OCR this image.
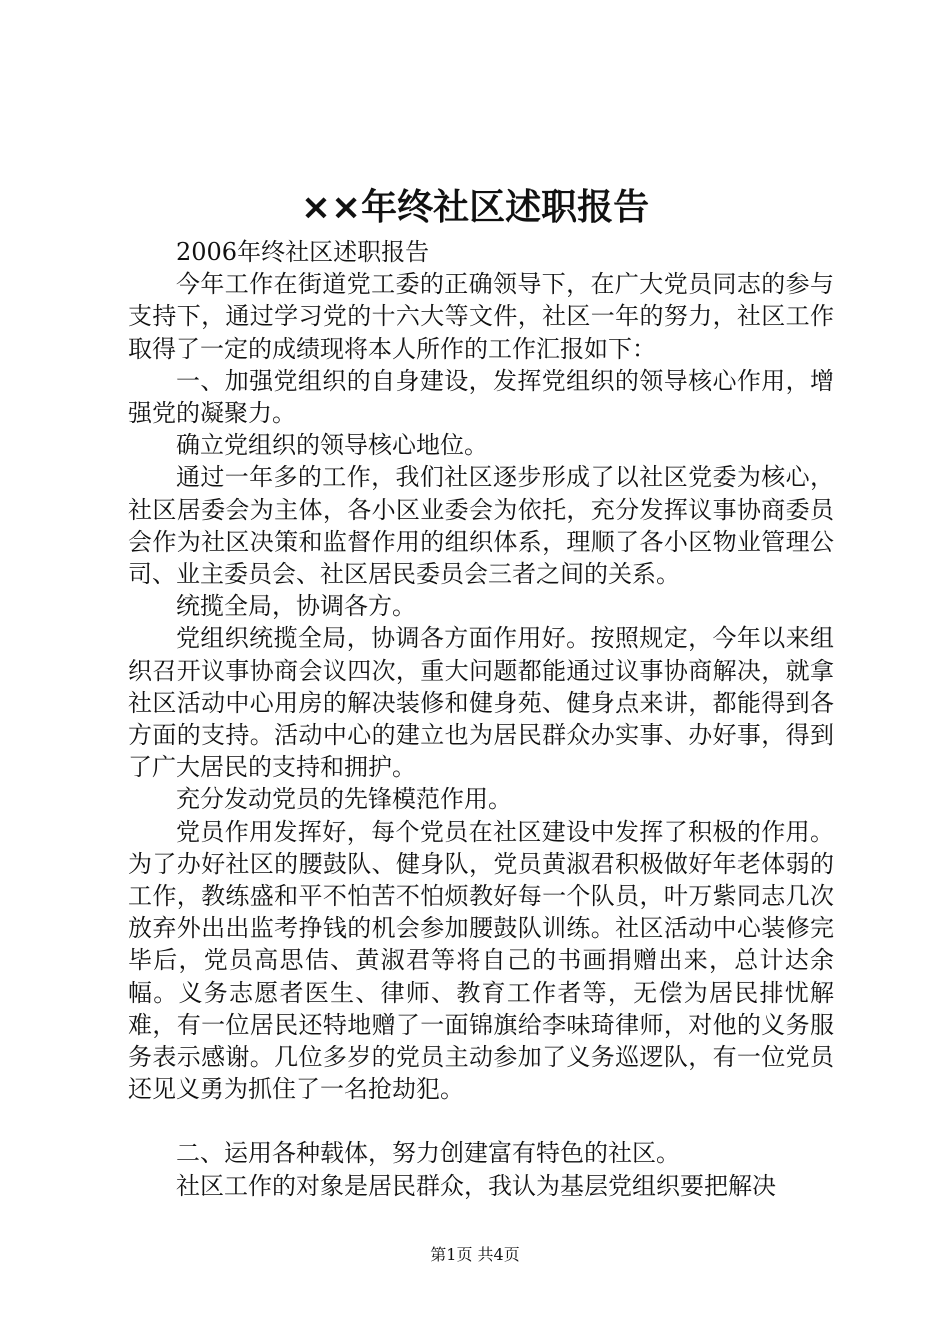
××年终社区述职报告

2006年终社区述职报告

今年工作在街道党工委的正确领导下，在广大党员同志的参与支持下，通过学习党的十六大等文件，社区一年的努力，社区工作取得了一定的成绩现将本人所作的工作汇报如下：

一、加强党组织的自身建设，发挥党组织的领导核心作用，增强党的凝聚力。

确立党组织的领导核心地位。

通过一年多的工作，我们社区逐步形成了以社区党委为核心，社区居委会为主体，各小区业委会为依托，充分发挥议事协商委员会作为社区决策和监督作用的组织体系，理顺了各小区物业管理公司、业主委员会、社区居民委员会三者之间的关系。

统揽全局，协调各方。

党组织统揽全局，协调各方面作用好。按照规定，今年以来组织召开议事协商会议四次，重大问题都能通过议事协商解决，就拿社区活动中心用房的解决装修和健身苑、健身点来讲，都能得到各方面的支持。活动中心的建立也为居民群众办实事、办好事，得到了广大居民的支持和拥护。

充分发动党员的先锋模范作用。

党员作用发挥好，每个党员在社区建设中发挥了积极的作用。为了办好社区的腰鼓队、健身队，党员黄淑君积极做好年老体弱的工作，教练盛和平不怕苦不怕烦教好每一个队员，叶万紫同志几次放弃外出出监考挣钱的机会参加腰鼓队训练。社区活动中心装修完毕后，党员高思佶、黄淑君等将自己的书画捐赠出来，总计达余幅。义务志愿者医生、律师、教育工作者等，无偿为居民排忧解难，有一位居民还特地赠了一面锦旗给李味琦律师，对他的义务服务表示感谢。几位多岁的党员主动参加了义务巡逻队，有一位党员还见义勇为抓住了一名抢劫犯。

二、运用各种载体，努力创建富有特色的社区。

社区工作的对象是居民群众，我认为基层党组织要把解决

第1页 共4页
